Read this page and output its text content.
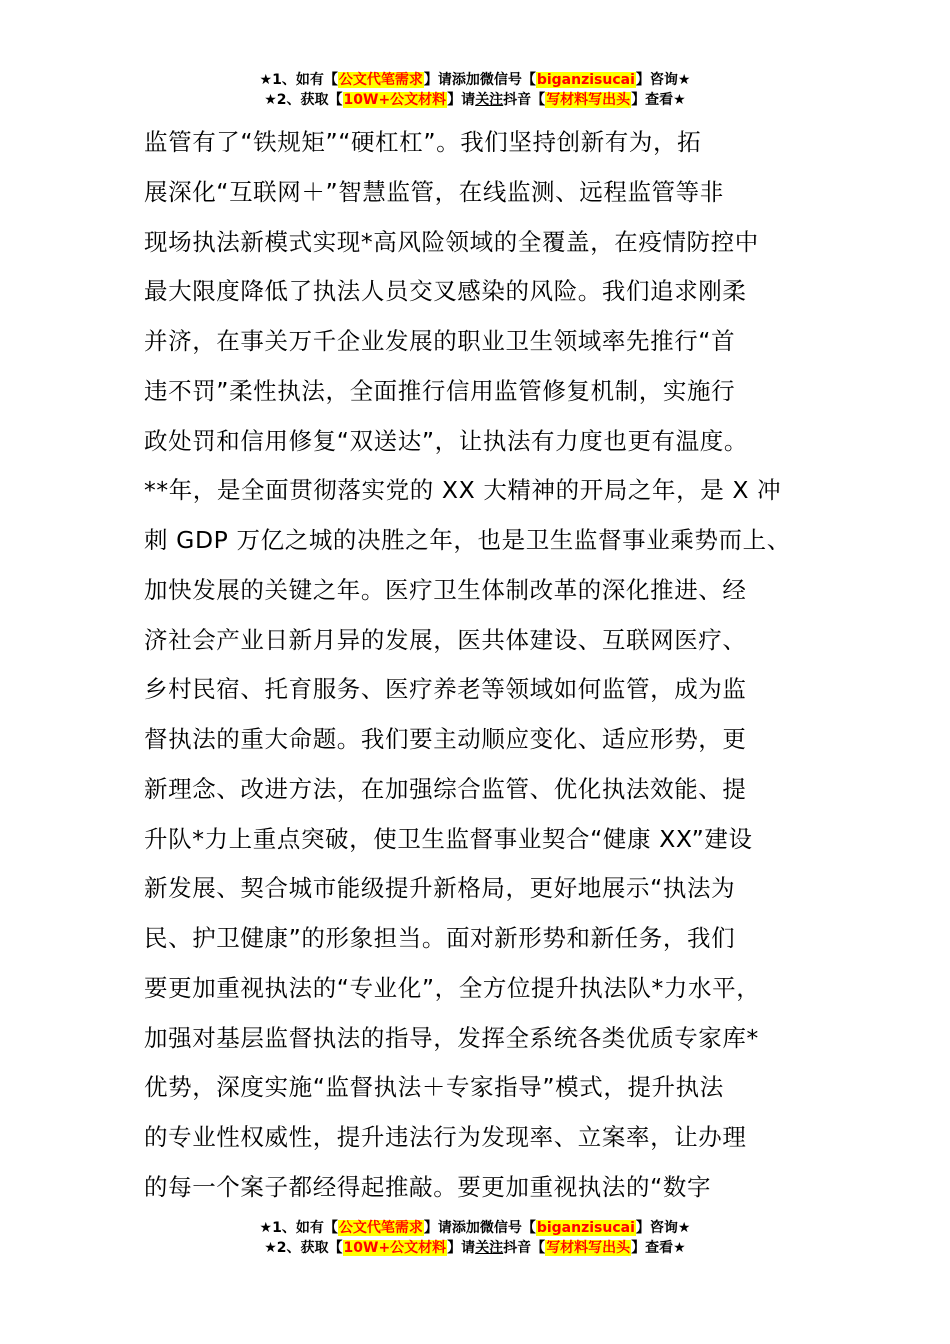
★1、如有【公文代笔需求】请添加微信号【biganzisucai】咨询★
★2、获取【10W+公文材料】请关注抖音【写材料写出头】查看★
监管有了“铁规矩”“硬杠杠”。我们坚持创新有为，拓
展深化“互联网＋”智慧监管，在线监测、远程监管等非
现场执法新模式实现*高风险领域的全覆盖，在疫情防控中
最大限度降低了执法人员交叉感染的风险。我们追求刚柔
并济，在事关万千企业发展的职业卫生领域率先推行“首
违不罚”柔性执法，全面推行信用监管修复机制，实施行
政处罚和信用修复“双送达”，让执法有力度也更有温度。
**年，是全面贯彻落实党的 XX 大精神的开局之年，是 X 冲
刺 GDP 万亿之城的决胜之年，也是卫生监督事业乘势而上、
加快发展的关键之年。医疗卫生体制改革的深化推进、经
济社会产业日新月异的发展，医共体建设、互联网医疗、
乡村民宿、托育服务、医疗养老等领域如何监管，成为监
督执法的重大命题。我们要主动顺应变化、适应形势，更
新理念、改进方法，在加强综合监管、优化执法效能、提
升队*力上重点突破，使卫生监督事业契合“健康 XX”建设
新发展、契合城市能级提升新格局，更好地展示“执法为
民、护卫健康”的形象担当。面对新形势和新任务，我们
要更加重视执法的“专业化”，全方位提升执法队*力水平，
加强对基层监督执法的指导，发挥全系统各类优质专家库*
优势，深度实施“监督执法＋专家指导”模式，提升执法
的专业性权威性，提升违法行为发现率、立案率，让办理
的每一个案子都经得起推敲。要更加重视执法的“数字
★1、如有【公文代笔需求】请添加微信号【biganzisucai】咨询★
★2、获取【10W+公文材料】请关注抖音【写材料写出头】查看★
